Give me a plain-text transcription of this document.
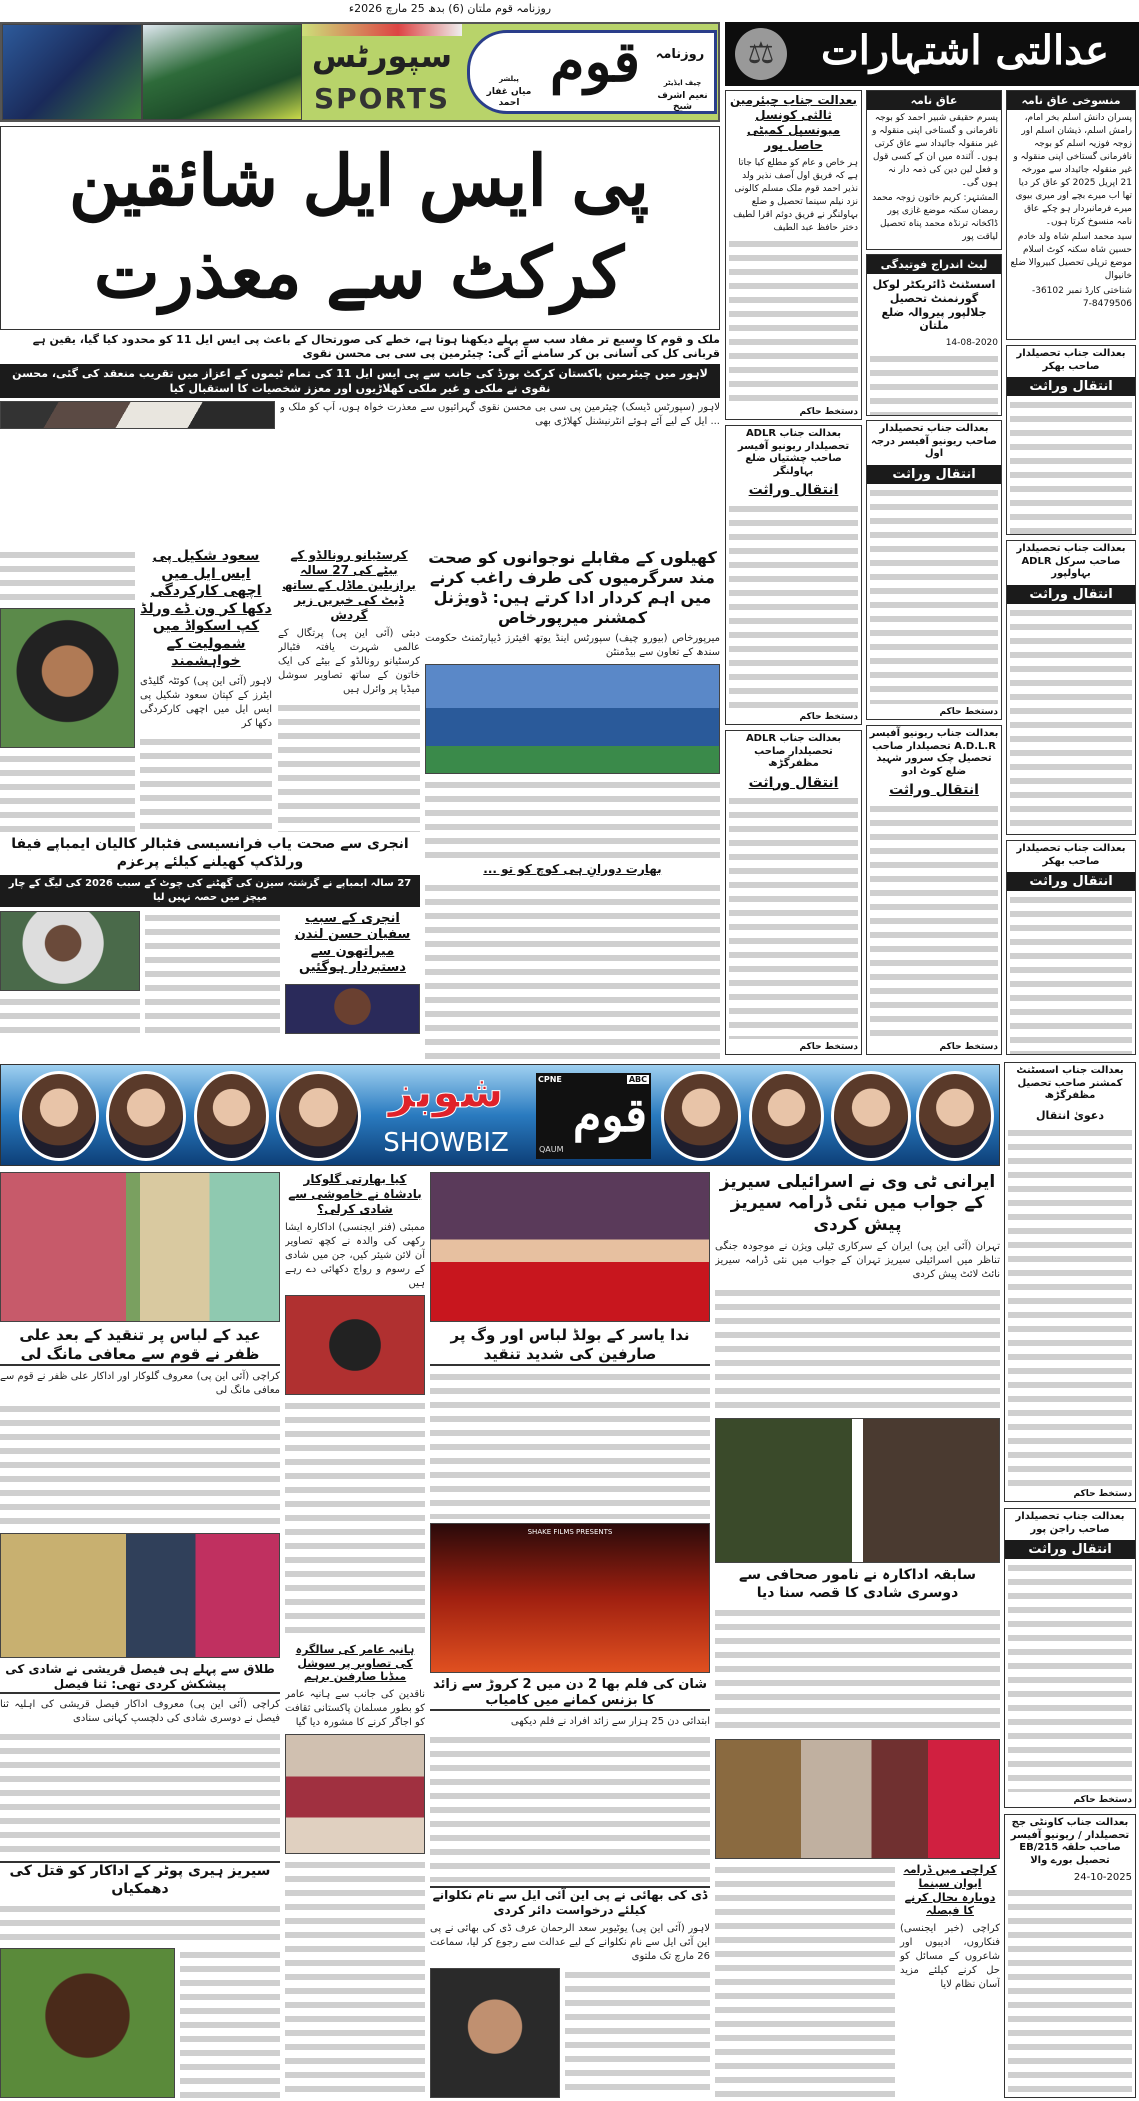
روزنامہ قوم ملتان (6) بدھ 25 مارچ 2026ء
سپورٹس
SPORTS
قوم	روزنامہ
چیف ایڈیٹر
نعیم اشرف شیخ
پبلشر
میاں غفار احمد
پی ایس ایل شائقین کرکٹ سے معذرت
ملک و قوم کا وسیع تر مفاد سب سے پہلے دیکھنا ہوتا ہے، خطے کی صورتحال کے باعث پی ایس ایل 11 کو محدود کیا گیا، یقین ہے قربانی کل کی آسانی بن کر سامنے آئے گی: چیئرمین پی سی بی محسن نقوی
لاہور میں چیئرمین پاکستان کرکٹ بورڈ کی جانب سے پی ایس ایل 11 کی تمام ٹیموں کے اعزاز میں تقریب منعقد کی گئی، محسن نقوی نے ملکی و غیر ملکی کھلاڑیوں اور معزز شخصیات کا استقبال کیا
لاہور (سپورٹس ڈیسک) چیئرمین پی سی بی محسن نقوی گہرائیوں سے معذرت خواہ ہوں، آپ کو ملک و ... ایل کے لیے آئے ہوئے انٹرنیشنل کھلاڑی بھی
سعود شکیل پی ایس ایل میں اچھی کارکردگی دکھا کر ون ڈے ورلڈ کپ اسکواڈ میں شمولیت کے خواہشمند
لاہور (آئی این پی) کوئٹہ گلیڈی ایٹرز کے کپتان سعود شکیل پی ایس ایل میں اچھی کارکردگی دکھا کر
کرسٹیانو رونالڈو کے بیٹے کی 27 سالہ برازیلین ماڈل کے ساتھ ڈیٹ کی خبریں زیر گردش
دبئی (آئی این پی) پرتگال کے عالمی شہرت یافتہ فٹبالر کرسٹیانو رونالڈو کے بیٹے کی ایک خاتون کے ساتھ تصاویر سوشل میڈیا پر وائرل ہیں
کھیلوں کے مقابلے نوجوانوں کو صحت مند سرگرمیوں کی طرف راغب کرنے میں اہم کردار ادا کرتے ہیں: ڈویژنل کمشنر میرپورخاص
میرپورخاص (بیورو چیف) سپورٹس اینڈ یوتھ افیئرز ڈیپارٹمنٹ حکومت سندھ کے تعاون سے بیڈمنٹن
انجری سے صحت یاب فرانسیسی فٹبالر کالیان ایمباپے فیفا ورلڈکپ کھیلنے کیلئے پرعزم
27 سالہ ایمباپے نے گزشتہ سیزن کی گھٹنے کی چوٹ کے سبب 2026 کی لیگ کے چار میچز میں حصہ نہیں لیا
انجری کے سبب سفیان حسن لندن میراتھون سے دستبردار ہوگئیں
بھارت دورانِ ہی کوچ کو تو ...
⚖	عدالتی اشتہارات
منسوخی عاق نامہ
پسران دانش اسلم بخر امام، رامش اسلم، ذیشان اسلم اور زوجہ فوزیہ اسلم کو بوجہ نافرمانی گستاخی اپنی منقولہ و غیر منقولہ جائیداد سے مورخہ 21 اپریل 2025 کو عاق کر دیا تھا اب میرے بچے اور میری بیوی میرے فرمانبردار ہو چکے عاق نامہ منسوخ کرتا ہوں۔
سید محمد اسلم شاہ ولد خادم حسین شاہ سکنہ کوٹ اسلام موضع ترپلی تحصیل کبیروالا ضلع خانیوال
شناختی کارڈ نمبر 36102-8479506-7
عاق نامہ
پسرم حقیقی شبیر احمد کو بوجہ نافرمانی و گستاخی اپنی منقولہ و غیر منقولہ جائیداد سے عاق کرتی ہوں۔ آئندہ میں ان کے کسی قول و فعل لین دین کی ذمہ دار نہ ہوں گی۔
المشتہر: کریم خاتون زوجہ محمد رمضان سکنہ موضع غازی پور ڈاکخانہ ترنڈہ محمد پناہ تحصیل لیاقت پور
لیٹ اندراج فوتیدگی
اسسٹنٹ ڈائریکٹر لوکل گورنمنٹ تحصیل جلالپور پیروالہ ضلع ملتان
14-08-2020
بعدالت جناب چیئرمین ثالثی کونسل میونسپل کمیٹی حاصل پور
ہر خاص و عام کو مطلع کیا جاتا ہے کہ فریق اول آصف نذیر ولد نذیر احمد قوم ملک مسلم کالونی نزد نیلم سینما تحصیل و ضلع بہاولنگر نے فریق دوئم اقرا لطیف دختر حافظ عبد الطیف
دستخط حاکم
بعدالت جناب ADLR تحصیلدار ریونیو آفیسر صاحب چشتیاں ضلع بہاولنگر
انتقال وراثت
دستخط حاکم
بعدالت جناب تحصیلدار صاحب ریونیو آفیسر درجہ اول
انتقال وراثت
دستخط حاکم
بعدالت جناب تحصیلدار صاحب بھکر
انتقال وراثت
بعدالت جناب تحصیلدار صاحب سرکل ADLR بہاولپور
انتقال وراثت
بعدالت جناب ADLR تحصیلدار صاحب مظفرگڑھ
انتقال وراثت
دستخط حاکم
بعدالت جناب ریونیو آفیسر A.D.L.R تحصیلدار صاحب تحصیل چک سرور شہید ضلع کوٹ ادو
انتقال وراثت
دستخط حاکم
بعدالت جناب تحصیلدار صاحب بھکر
انتقال وراثت
بعدالت جناب اسسٹنٹ کمشنر صاحب تحصیل مظفرگڑھ
دعویٰ انتقال
دستخط حاکم
بعدالت جناب تحصیلدار صاحب راجن پور
انتقال وراثت
دستخط حاکم
بعدالت جناب کاونٹی جج تحصیلدار / ریونیو آفیسر صاحب حلقہ EB/215 تحصیل بورے والا
24-10-2025
شوبز
SHOWBIZ
CPNE	ABC
QAUM
قوم
عید کے لباس پر تنقید کے بعد علی ظفر نے قوم سے معافی مانگ لی
کراچی (آئی این پی) معروف گلوکار اور اداکار علی ظفر نے قوم سے معافی مانگ لی
طلاق سے پہلے ہی فیصل قریشی نے شادی کی پیشکش کردی تھی: ثنا فیصل
کراچی (آئی این پی) معروف اداکار فیصل قریشی کی اہلیہ ثنا فیصل نے دوسری شادی کی دلچسپ کہانی سنادی
سیریز ہیری پوٹر کے اداکار کو قتل کی دھمکیاں
کیا بھارتی گلوکار بادشاہ نے خاموشی سے شادی کرلی؟
ممبئی (فنر ایجنسی) اداکارہ ایشا رکھی کی والدہ نے کچھ تصاویر آن لائن شیئر کیں، جن میں شادی کے رسوم و رواج دکھائی دے رہے ہیں
ہانیہ عامر کی سالگرہ کی تصاویر پر سوشل میڈیا صارفین برہم
ناقدین کی جانب سے ہانیہ عامر کو بطور مسلمان پاکستانی ثقافت کو اجاگر کرنے کا مشورہ دیا گیا
ندا یاسر کے بولڈ لباس اور وگ پر صارفین کی شدید تنقید
SHAKE FILMS PRESENTS
شان کی فلم بھا 2 دن میں 2 کروڑ سے زائد کا بزنس کمانے میں کامیاب
ابتدائی دن 25 ہزار سے زائد افراد نے فلم دیکھی
ڈی کی بھائی نے پی این آئی ایل سے نام نکلوانے کیلئے درخواست دائر کردی
لاہور (آئی این پی) یوٹیوبر سعد الرحمان عرف ڈی کی بھائی نے پی این آئی ایل سے نام نکلوانے کے لیے عدالت سے رجوع کر لیا، سماعت 26 مارچ تک ملتوی
ایرانی ٹی وی نے اسرائیلی سیریز کے جواب میں نئی ڈرامہ سیریز پیش کردی
تہران (آئی این پی) ایران کے سرکاری ٹیلی ویژن نے موجودہ جنگی تناظر میں اسرائیلی سیریز تہران کے جواب میں نئی ڈرامہ سیریز نائٹ لائٹ پیش کردی
سابقہ اداکارہ نے نامور صحافی سے دوسری شادی کا قصہ سنا دیا
کراچی میں ڈرامہ ایوان سینما دوبارہ بحال کرنے کا فیصلہ
کراچی (خبر ایجنسی) فنکاروں، ادیبوں اور شاعروں کے مسائل کو حل کرنے کیلئے مزید آسان نظام لایا
